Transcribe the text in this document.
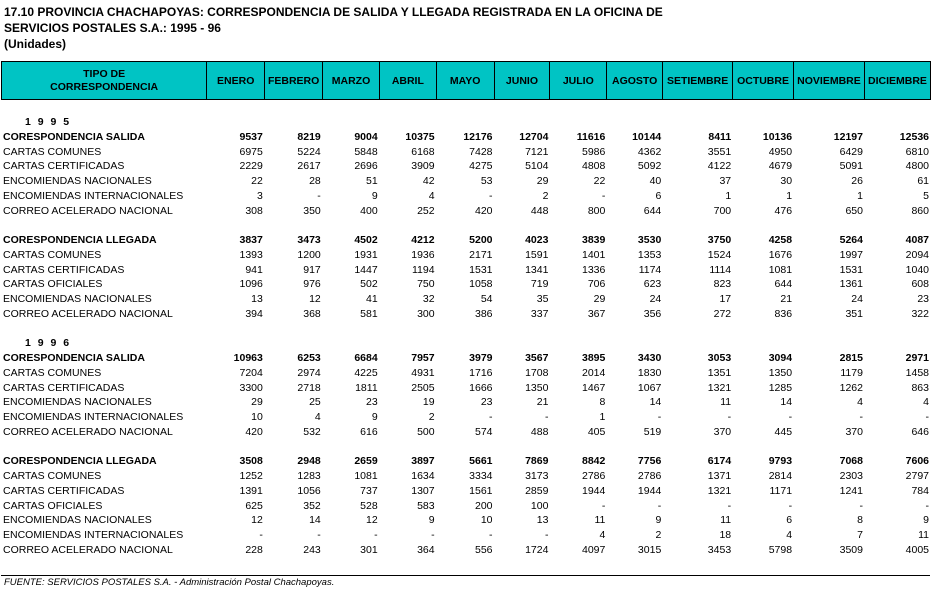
17.10 PROVINCIA CHACHAPOYAS: CORRESPONDENCIA DE SALIDA Y LLEGADA REGISTRADA EN LA OFICINA DE
SERVICIOS POSTALES S.A.: 1995 - 96
(Unidades)
TIPO DE
CORRESPONDENCIA	ENERO	FEBRERO	MARZO	ABRIL	MAYO	JUNIO	JULIO	AGOSTO	SETIEMBRE	OCTUBRE	NOVIEMBRE	DICIEMBRE
1 9 9 5												
CORESPONDENCIA SALIDA	9537	8219	9004	10375	12176	12704	11616	10144	8411	10136	12197	12536
CARTAS COMUNES	6975	5224	5848	6168	7428	7121	5986	4362	3551	4950	6429	6810
CARTAS CERTIFICADAS	2229	2617	2696	3909	4275	5104	4808	5092	4122	4679	5091	4800
ENCOMIENDAS NACIONALES	22	28	51	42	53	29	22	40	37	30	26	61
ENCOMIENDAS INTERNACIONALES	3	-	9	4	-	2	-	6	1	1	1	5
CORREO ACELERADO NACIONAL	308	350	400	252	420	448	800	644	700	476	650	860

CORESPONDENCIA LLEGADA	3837	3473	4502	4212	5200	4023	3839	3530	3750	4258	5264	4087
CARTAS COMUNES	1393	1200	1931	1936	2171	1591	1401	1353	1524	1676	1997	2094
CARTAS CERTIFICADAS	941	917	1447	1194	1531	1341	1336	1174	1114	1081	1531	1040
CARTAS OFICIALES	1096	976	502	750	1058	719	706	623	823	644	1361	608
ENCOMIENDAS NACIONALES	13	12	41	32	54	35	29	24	17	21	24	23
CORREO ACELERADO NACIONAL	394	368	581	300	386	337	367	356	272	836	351	322

1 9 9 6												
CORESPONDENCIA SALIDA	10963	6253	6684	7957	3979	3567	3895	3430	3053	3094	2815	2971
CARTAS COMUNES	7204	2974	4225	4931	1716	1708	2014	1830	1351	1350	1179	1458
CARTAS CERTIFICADAS	3300	2718	1811	2505	1666	1350	1467	1067	1321	1285	1262	863
ENCOMIENDAS NACIONALES	29	25	23	19	23	21	8	14	11	14	4	4
ENCOMIENDAS INTERNACIONALES	10	4	9	2	-	-	1	-	-	-	-	-
CORREO ACELERADO NACIONAL	420	532	616	500	574	488	405	519	370	445	370	646

CORESPONDENCIA LLEGADA	3508	2948	2659	3897	5661	7869	8842	7756	6174	9793	7068	7606
CARTAS COMUNES	1252	1283	1081	1634	3334	3173	2786	2786	1371	2814	2303	2797
CARTAS CERTIFICADAS	1391	1056	737	1307	1561	2859	1944	1944	1321	1171	1241	784
CARTAS OFICIALES	625	352	528	583	200	100	-	-	-	-	-	-
ENCOMIENDAS NACIONALES	12	14	12	9	10	13	11	9	11	6	8	9
ENCOMIENDAS INTERNACIONALES	-	-	-	-	-	-	4	2	18	4	7	11
CORREO ACELERADO NACIONAL	228	243	301	364	556	1724	4097	3015	3453	5798	3509	4005
FUENTE: SERVICIOS POSTALES S.A. - Administración Postal Chachapoyas.
